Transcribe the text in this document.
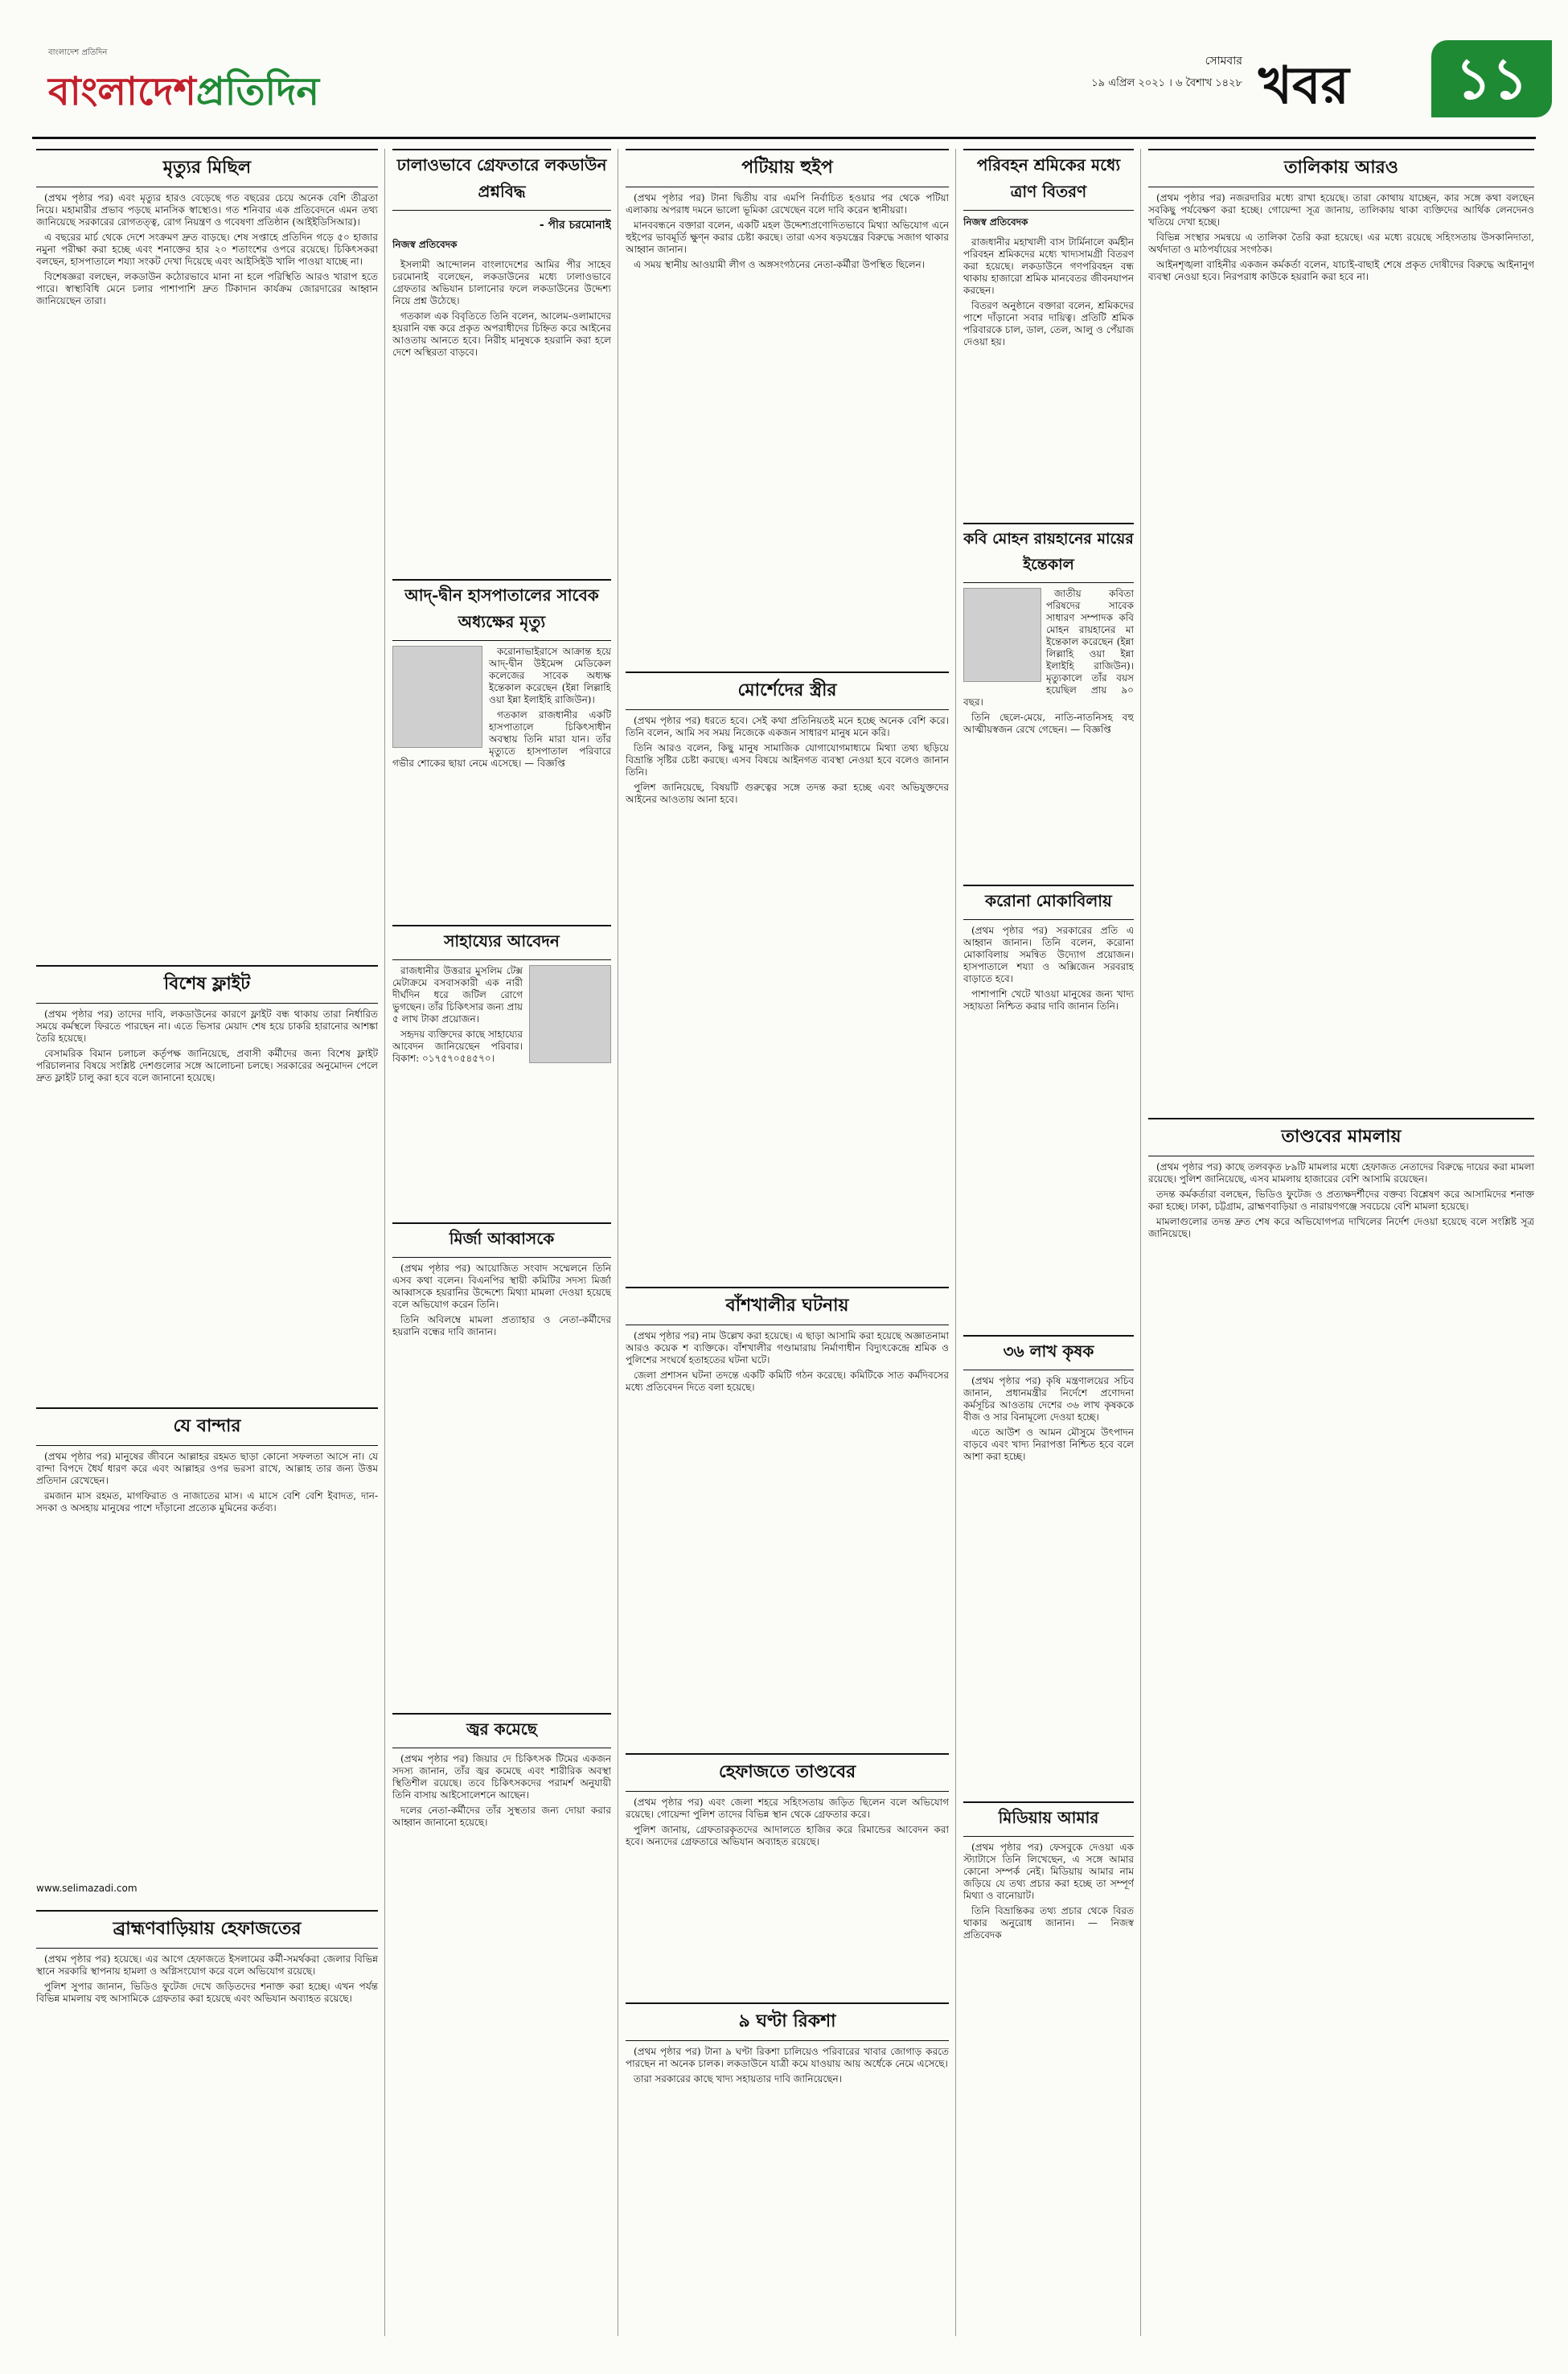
বাংলাদেশ প্রতিদিন
বাংলাদেশপ্রতিদিন
সোমবার
১৯ এপ্রিল ২০২১ । ৬ বৈশাখ ১৪২৮ খবর	১১
মৃত্যুর মিছিল

(প্রথম পৃষ্ঠার পর) এবং মৃত্যুর হারও বেড়েছে গত বছরের চেয়ে অনেক বেশি তীব্রতা নিয়ে। মহামারীর প্রভাব পড়ছে মানসিক স্বাস্থ্যেও। গত শনিবার এক প্রতিবেদনে এমন তথ্য জানিয়েছে সরকারের রোগতত্ত্ব, রোগ নিয়ন্ত্রণ ও গবেষণা প্রতিষ্ঠান (আইইডিসিআর)।

এ বছরের মার্চ থেকে দেশে সংক্রমণ দ্রুত বাড়ছে। শেষ সপ্তাহে প্রতিদিন গড়ে ৫০ হাজার নমুনা পরীক্ষা করা হচ্ছে এবং শনাক্তের হার ২০ শতাংশের ওপরে রয়েছে। চিকিৎসকরা বলছেন, হাসপাতালে শয্যা সংকট দেখা দিয়েছে এবং আইসিইউ খালি পাওয়া যাচ্ছে না।

বিশেষজ্ঞরা বলছেন, লকডাউন কঠোরভাবে মানা না হলে পরিস্থিতি আরও খারাপ হতে পারে। স্বাস্থ্যবিধি মেনে চলার পাশাপাশি দ্রুত টিকাদান কার্যক্রম জোরদারের আহ্বান জানিয়েছেন তারা।

বিশেষ ফ্লাইট

(প্রথম পৃষ্ঠার পর) তাদের দাবি, লকডাউনের কারণে ফ্লাইট বন্ধ থাকায় তারা নির্ধারিত সময়ে কর্মস্থলে ফিরতে পারছেন না। এতে ভিসার মেয়াদ শেষ হয়ে চাকরি হারানোর আশঙ্কা তৈরি হয়েছে।

বেসামরিক বিমান চলাচল কর্তৃপক্ষ জানিয়েছে, প্রবাসী কর্মীদের জন্য বিশেষ ফ্লাইট পরিচালনার বিষয়ে সংশ্লিষ্ট দেশগুলোর সঙ্গে আলোচনা চলছে। সরকারের অনুমোদন পেলে দ্রুত ফ্লাইট চালু করা হবে বলে জানানো হয়েছে।

যে বান্দার

(প্রথম পৃষ্ঠার পর) মানুষের জীবনে আল্লাহর রহমত ছাড়া কোনো সফলতা আসে না। যে বান্দা বিপদে ধৈর্য ধারণ করে এবং আল্লাহর ওপর ভরসা রাখে, আল্লাহ তার জন্য উত্তম প্রতিদান রেখেছেন।

রমজান মাস রহমত, মাগফিরাত ও নাজাতের মাস। এ মাসে বেশি বেশি ইবাদত, দান-সদকা ও অসহায় মানুষের পাশে দাঁড়ানো প্রত্যেক মুমিনের কর্তব্য।

www.selimazadi.com
ব্রাহ্মণবাড়িয়ায় হেফাজতের

(প্রথম পৃষ্ঠার পর) হয়েছে। এর আগে হেফাজতে ইসলামের কর্মী-সমর্থকরা জেলার বিভিন্ন স্থানে সরকারি স্থাপনায় হামলা ও অগ্নিসংযোগ করে বলে অভিযোগ রয়েছে।

পুলিশ সুপার জানান, ভিডিও ফুটেজ দেখে জড়িতদের শনাক্ত করা হচ্ছে। এখন পর্যন্ত বিভিন্ন মামলায় বহু আসামিকে গ্রেফতার করা হয়েছে এবং অভিযান অব্যাহত রয়েছে।

ঢালাওভাবে গ্রেফতারে লকডাউন প্রশ্নবিদ্ধ
- পীর চরমোনাই
নিজস্ব প্রতিবেদক

ইসলামী আন্দোলন বাংলাদেশের আমির পীর সাহেব চরমোনাই বলেছেন, লকডাউনের মধ্যে ঢালাওভাবে গ্রেফতার অভিযান চালানোর ফলে লকডাউনের উদ্দেশ্য নিয়ে প্রশ্ন উঠেছে।

গতকাল এক বিবৃতিতে তিনি বলেন, আলেম-ওলামাদের হয়রানি বন্ধ করে প্রকৃত অপরাধীদের চিহ্নিত করে আইনের আওতায় আনতে হবে। নিরীহ মানুষকে হয়রানি করা হলে দেশে অস্থিরতা বাড়বে।

আদ্-দ্বীন হাসপাতালের সাবেক অধ্যক্ষের মৃত্যু

করোনাভাইরাসে আক্রান্ত হয়ে আদ্-দ্বীন উইমেন্স মেডিকেল কলেজের সাবেক অধ্যক্ষ ইন্তেকাল করেছেন (ইন্না লিল্লাহি ওয়া ইন্না ইলাইহি রাজিউন)।

গতকাল রাজধানীর একটি হাসপাতালে চিকিৎসাধীন অবস্থায় তিনি মারা যান। তাঁর মৃত্যুতে হাসপাতাল পরিবারে গভীর শোকের ছায়া নেমে এসেছে। — বিজ্ঞপ্তি

সাহায্যের আবেদন

রাজধানীর উত্তরার মুসলিম টেক্স মেটাক্রমে বসবাসকারী এক নারী দীর্ঘদিন ধরে জটিল রোগে ভুগছেন। তাঁর চিকিৎসার জন্য প্রায় ৫ লাখ টাকা প্রয়োজন।

সহৃদয় ব্যক্তিদের কাছে সাহায্যের আবেদন জানিয়েছেন পরিবার। বিকাশ: ০১৭৫৭০৫৪৫৭০।

মির্জা আব্বাসকে

(প্রথম পৃষ্ঠার পর) আয়োজিত সংবাদ সম্মেলনে তিনি এসব কথা বলেন। বিএনপির স্থায়ী কমিটির সদস্য মির্জা আব্বাসকে হয়রানির উদ্দেশ্যে মিথ্যা মামলা দেওয়া হয়েছে বলে অভিযোগ করেন তিনি।

তিনি অবিলম্বে মামলা প্রত্যাহার ও নেতা-কর্মীদের হয়রানি বন্ধের দাবি জানান।

জ্বর কমেছে

(প্রথম পৃষ্ঠার পর) জিয়ার দে চিকিৎসক টিমের একজন সদস্য জানান, তাঁর জ্বর কমেছে এবং শারীরিক অবস্থা স্থিতিশীল রয়েছে। তবে চিকিৎসকদের পরামর্শ অনুযায়ী তিনি বাসায় আইসোলেশনে আছেন।

দলের নেতা-কর্মীদের তাঁর সুস্থতার জন্য দোয়া করার আহ্বান জানানো হয়েছে।

পটিয়ায় হুইপ

(প্রথম পৃষ্ঠার পর) টানা দ্বিতীয় বার এমপি নির্বাচিত হওয়ার পর থেকে পটিয়া এলাকায় অপরাধ দমনে ভালো ভূমিকা রেখেছেন বলে দাবি করেন স্থানীয়রা।

মানববন্ধনে বক্তারা বলেন, একটি মহল উদ্দেশ্যপ্রণোদিতভাবে মিথ্যা অভিযোগ এনে হুইপের ভাবমূর্তি ক্ষুণ্ন করার চেষ্টা করছে। তারা এসব ষড়যন্ত্রের বিরুদ্ধে সজাগ থাকার আহ্বান জানান।

এ সময় স্থানীয় আওয়ামী লীগ ও অঙ্গসংগঠনের নেতা-কর্মীরা উপস্থিত ছিলেন।

মোর্শেদের স্ত্রীর

(প্রথম পৃষ্ঠার পর) ধরতে হবে। সেই কথা প্রতিনিয়তই মনে হচ্ছে অনেক বেশি করে। তিনি বলেন, আমি সব সময় নিজেকে একজন সাধারণ মানুষ মনে করি।

তিনি আরও বলেন, কিছু মানুষ সামাজিক যোগাযোগমাধ্যমে মিথ্যা তথ্য ছড়িয়ে বিভ্রান্তি সৃষ্টির চেষ্টা করছে। এসব বিষয়ে আইনগত ব্যবস্থা নেওয়া হবে বলেও জানান তিনি।

পুলিশ জানিয়েছে, বিষয়টি গুরুত্বের সঙ্গে তদন্ত করা হচ্ছে এবং অভিযুক্তদের আইনের আওতায় আনা হবে।

বাঁশখালীর ঘটনায়

(প্রথম পৃষ্ঠার পর) নাম উল্লেখ করা হয়েছে। এ ছাড়া আসামি করা হয়েছে অজ্ঞাতনামা আরও কয়েক শ ব্যক্তিকে। বাঁশখালীর গণ্ডামারায় নির্মাণাধীন বিদ্যুৎকেন্দ্রে শ্রমিক ও পুলিশের সংঘর্ষে হতাহতের ঘটনা ঘটে।

জেলা প্রশাসন ঘটনা তদন্তে একটি কমিটি গঠন করেছে। কমিটিকে সাত কর্মদিবসের মধ্যে প্রতিবেদন দিতে বলা হয়েছে।

হেফাজতে তাণ্ডবের

(প্রথম পৃষ্ঠার পর) এবং জেলা শহরে সহিংসতায় জড়িত ছিলেন বলে অভিযোগ রয়েছে। গোয়েন্দা পুলিশ তাদের বিভিন্ন স্থান থেকে গ্রেফতার করে।

পুলিশ জানায়, গ্রেফতারকৃতদের আদালতে হাজির করে রিমান্ডের আবেদন করা হবে। অন্যদের গ্রেফতারে অভিযান অব্যাহত রয়েছে।

৯ ঘণ্টা রিকশা

(প্রথম পৃষ্ঠার পর) টানা ৯ ঘণ্টা রিকশা চালিয়েও পরিবারের খাবার জোগাড় করতে পারছেন না অনেক চালক। লকডাউনে যাত্রী কমে যাওয়ায় আয় অর্ধেকে নেমে এসেছে।

তারা সরকারের কাছে খাদ্য সহায়তার দাবি জানিয়েছেন।

পরিবহন শ্রমিকের মধ্যে ত্রাণ বিতরণ
নিজস্ব প্রতিবেদক

রাজধানীর মহাখালী বাস টার্মিনালে কর্মহীন পরিবহন শ্রমিকদের মধ্যে খাদ্যসামগ্রী বিতরণ করা হয়েছে। লকডাউনে গণপরিবহন বন্ধ থাকায় হাজারো শ্রমিক মানবেতর জীবনযাপন করছেন।

বিতরণ অনুষ্ঠানে বক্তারা বলেন, শ্রমিকদের পাশে দাঁড়ানো সবার দায়িত্ব। প্রতিটি শ্রমিক পরিবারকে চাল, ডাল, তেল, আলু ও পেঁয়াজ দেওয়া হয়।

কবি মোহন রায়হানের মায়ের ইন্তেকাল

জাতীয় কবিতা পরিষদের সাবেক সাধারণ সম্পাদক কবি মোহন রায়হানের মা ইন্তেকাল করেছেন (ইন্না লিল্লাহি ওয়া ইন্না ইলাইহি রাজিউন)। মৃত্যুকালে তাঁর বয়স হয়েছিল প্রায় ৯০ বছর।

তিনি ছেলে-মেয়ে, নাতি-নাতনিসহ বহু আত্মীয়স্বজন রেখে গেছেন। — বিজ্ঞপ্তি

করোনা মোকাবিলায়

(প্রথম পৃষ্ঠার পর) সরকারের প্রতি এ আহ্বান জানান। তিনি বলেন, করোনা মোকাবিলায় সমন্বিত উদ্যোগ প্রয়োজন। হাসপাতালে শয্যা ও অক্সিজেন সরবরাহ বাড়াতে হবে।

পাশাপাশি খেটে খাওয়া মানুষের জন্য খাদ্য সহায়তা নিশ্চিত করার দাবি জানান তিনি।

৩৬ লাখ কৃষক

(প্রথম পৃষ্ঠার পর) কৃষি মন্ত্রণালয়ের সচিব জানান, প্রধানমন্ত্রীর নির্দেশে প্রণোদনা কর্মসূচির আওতায় দেশের ৩৬ লাখ কৃষককে বীজ ও সার বিনামূল্যে দেওয়া হচ্ছে।

এতে আউশ ও আমন মৌসুমে উৎপাদন বাড়বে এবং খাদ্য নিরাপত্তা নিশ্চিত হবে বলে আশা করা হচ্ছে।

মিডিয়ায় আমার

(প্রথম পৃষ্ঠার পর) ফেসবুকে দেওয়া এক স্ট্যাটাসে তিনি লিখেছেন, এ সঙ্গে আমার কোনো সম্পর্ক নেই। মিডিয়ায় আমার নাম জড়িয়ে যে তথ্য প্রচার করা হচ্ছে তা সম্পূর্ণ মিথ্যা ও বানোয়াট।

তিনি বিভ্রান্তিকর তথ্য প্রচার থেকে বিরত থাকার অনুরোধ জানান। — নিজস্ব প্রতিবেদক

তালিকায় আরও

(প্রথম পৃষ্ঠার পর) নজরদারির মধ্যে রাখা হয়েছে। তারা কোথায় যাচ্ছেন, কার সঙ্গে কথা বলছেন সবকিছু পর্যবেক্ষণ করা হচ্ছে। গোয়েন্দা সূত্র জানায়, তালিকায় থাকা ব্যক্তিদের আর্থিক লেনদেনও খতিয়ে দেখা হচ্ছে।

বিভিন্ন সংস্থার সমন্বয়ে এ তালিকা তৈরি করা হয়েছে। এর মধ্যে রয়েছে সহিংসতায় উসকানিদাতা, অর্থদাতা ও মাঠপর্যায়ের সংগঠক।

আইনশৃঙ্খলা বাহিনীর একজন কর্মকর্তা বলেন, যাচাই-বাছাই শেষে প্রকৃত দোষীদের বিরুদ্ধে আইনানুগ ব্যবস্থা নেওয়া হবে। নিরপরাধ কাউকে হয়রানি করা হবে না।

তাণ্ডবের মামলায়

(প্রথম পৃষ্ঠার পর) কাছে তলবকৃত ৮৯টি মামলার মধ্যে হেফাজত নেতাদের বিরুদ্ধে দায়ের করা মামলা রয়েছে। পুলিশ জানিয়েছে, এসব মামলায় হাজারের বেশি আসামি রয়েছেন।

তদন্ত কর্মকর্তারা বলছেন, ভিডিও ফুটেজ ও প্রত্যক্ষদর্শীদের বক্তব্য বিশ্লেষণ করে আসামিদের শনাক্ত করা হচ্ছে। ঢাকা, চট্টগ্রাম, ব্রাহ্মণবাড়িয়া ও নারায়ণগঞ্জে সবচেয়ে বেশি মামলা হয়েছে।

মামলাগুলোর তদন্ত দ্রুত শেষ করে অভিযোগপত্র দাখিলের নির্দেশ দেওয়া হয়েছে বলে সংশ্লিষ্ট সূত্র জানিয়েছে।
